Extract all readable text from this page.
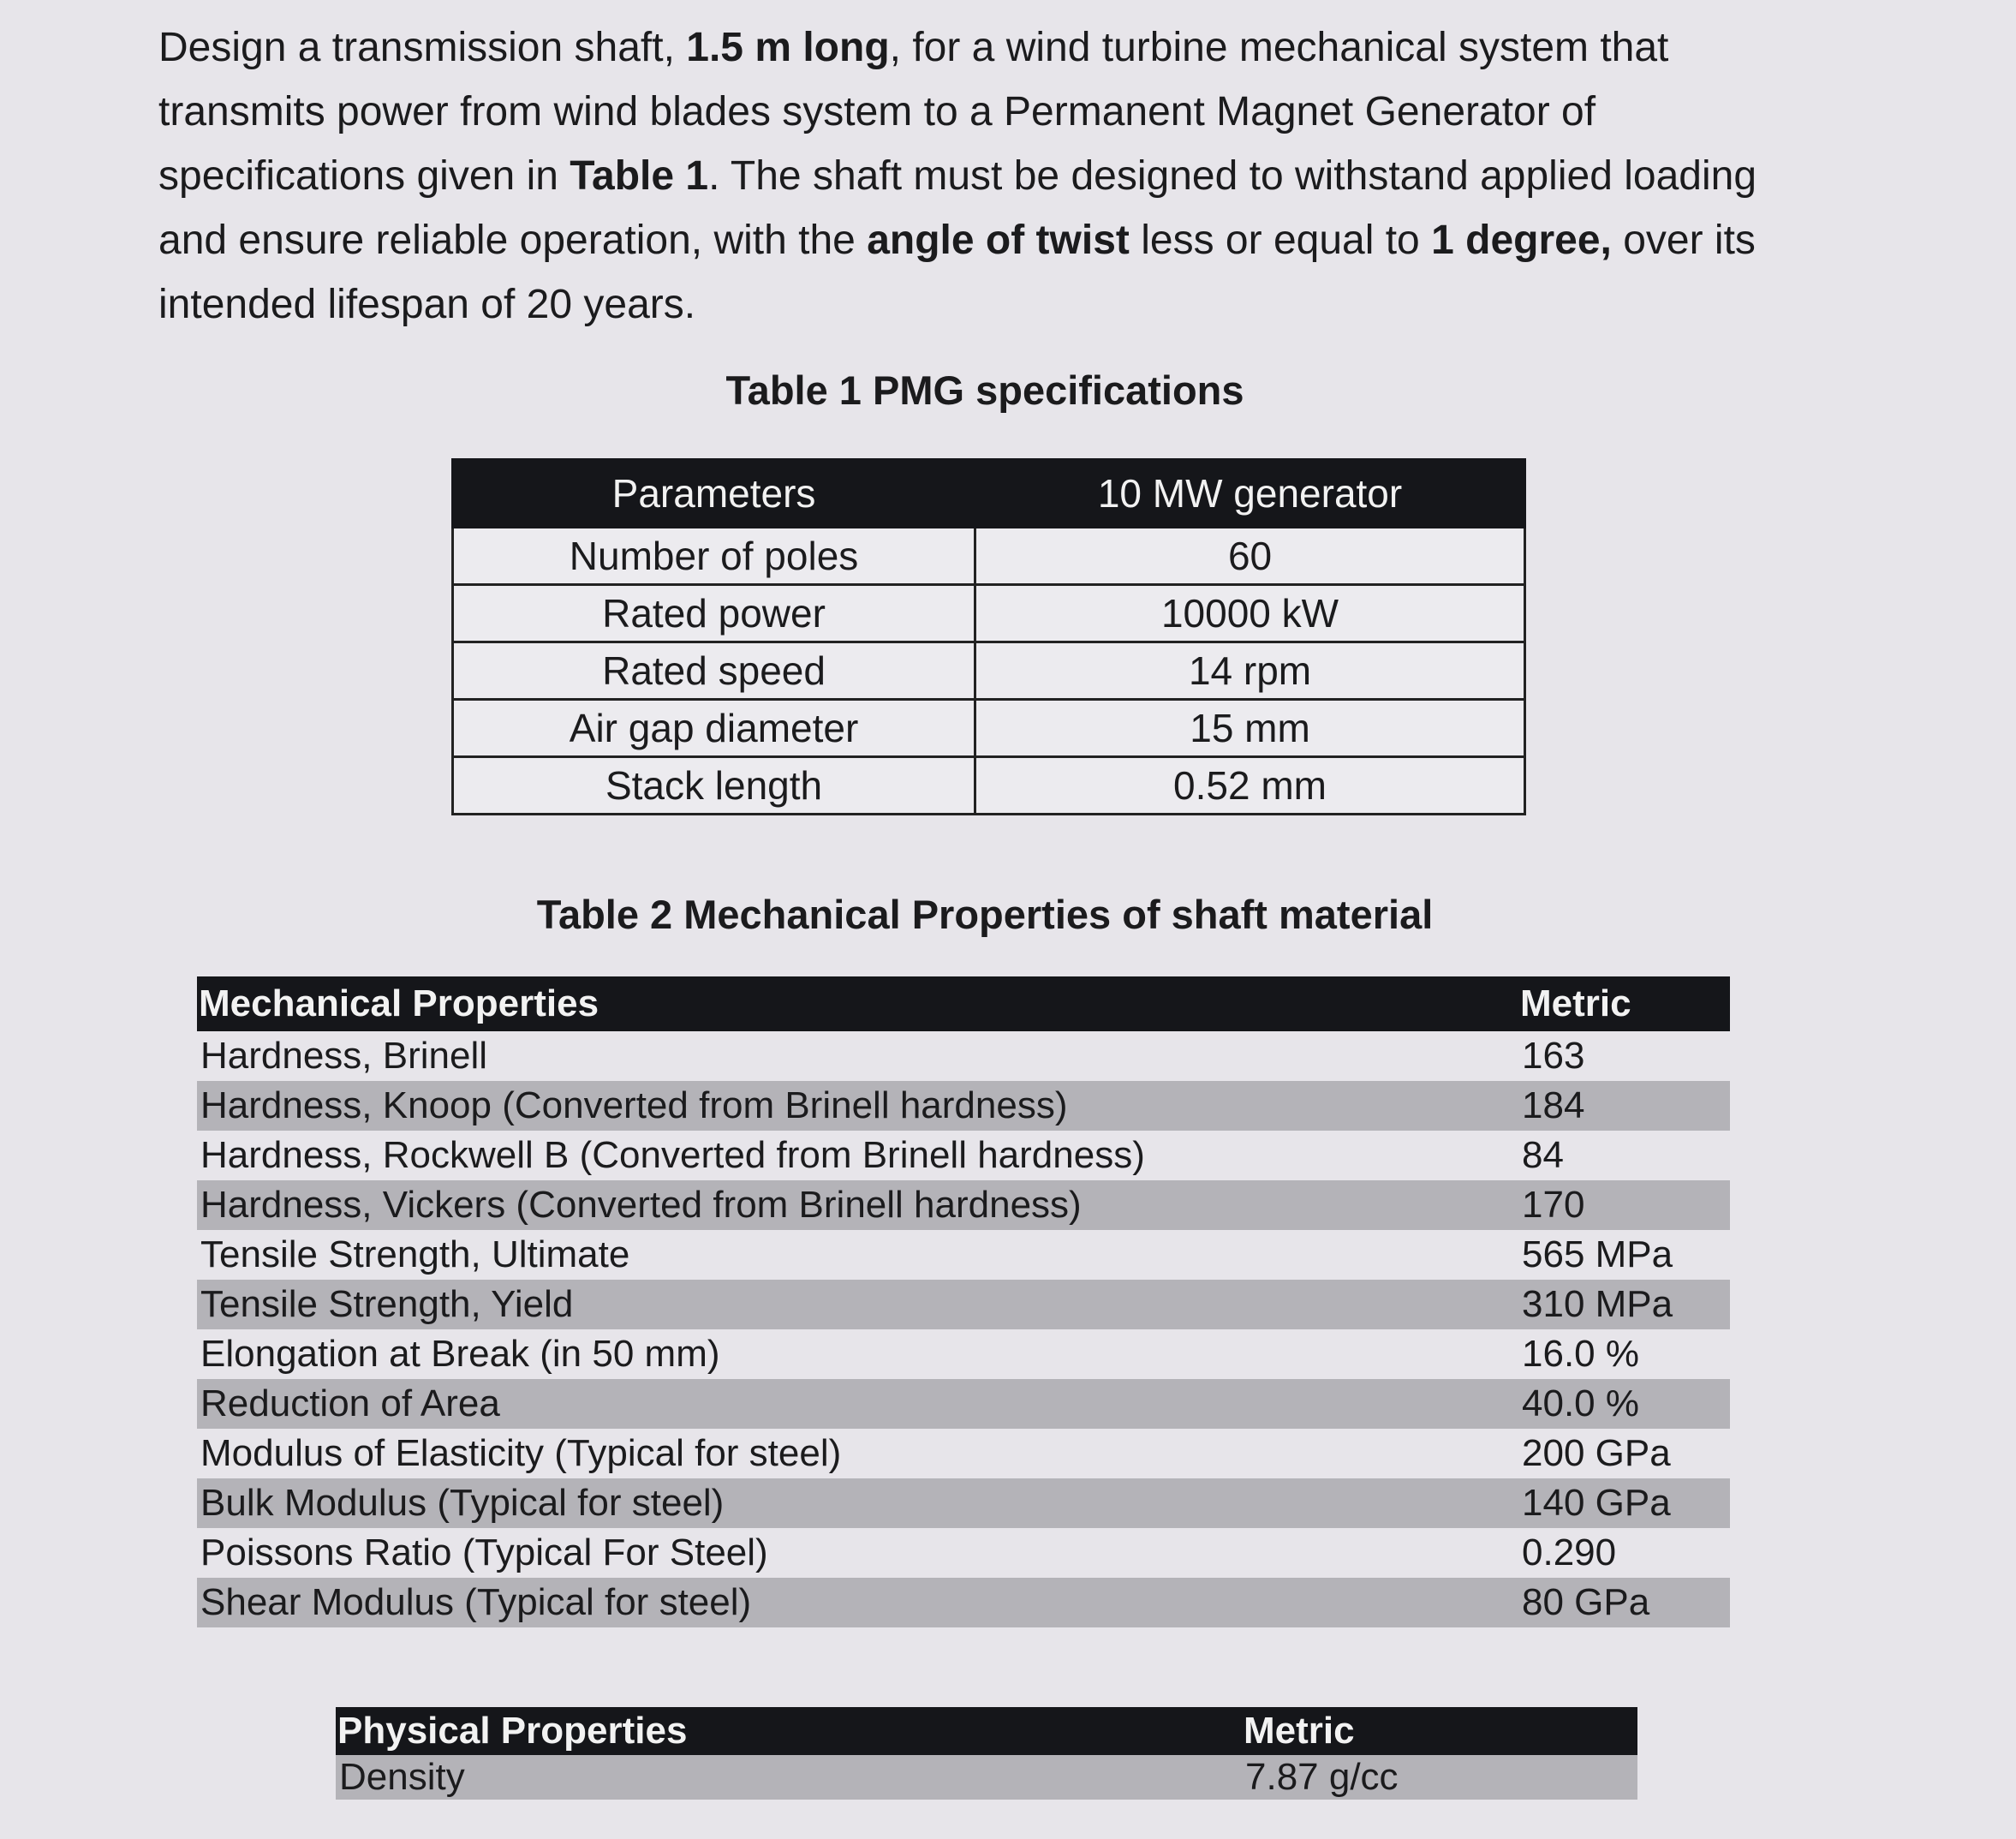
Design a transmission shaft, 1.5 m long, for a wind turbine mechanical system that transmits power from wind blades system to a Permanent Magnet Generator of specifications given in Table 1. The shaft must be designed to withstand applied loading and ensure reliable operation, with the angle of twist less or equal to 1 degree, over its intended lifespan of 20 years.
Table 1 PMG specifications
Parameters	10 MW generator
Number of poles	60
Rated power	10000 kW
Rated speed	14 rpm
Air gap diameter	15 mm
Stack length	0.52 mm
Table 2 Mechanical Properties of shaft material
Mechanical Properties	Metric
Hardness, Brinell	163
Hardness, Knoop (Converted from Brinell hardness)	184
Hardness, Rockwell B (Converted from Brinell hardness)	84
Hardness, Vickers (Converted from Brinell hardness)	170
Tensile Strength, Ultimate	565 MPa
Tensile Strength, Yield	310 MPa
Elongation at Break (in 50 mm)	16.0 %
Reduction of Area	40.0 %
Modulus of Elasticity (Typical for steel)	200 GPa
Bulk Modulus (Typical for steel)	140 GPa
Poissons Ratio (Typical For Steel)	0.290
Shear Modulus (Typical for steel)	80 GPa
Physical Properties	Metric
Density	7.87 g/cc
